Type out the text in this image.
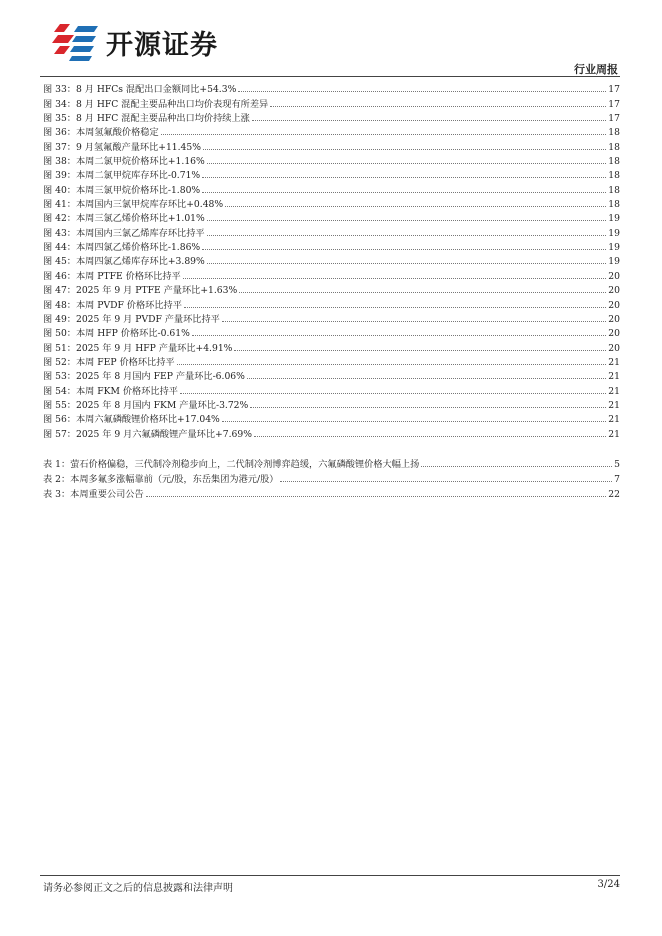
开源证券
行业周报
图 33：8 月 HFCs 混配出口金额同比+54.3%	17
图 34：8 月 HFC 混配主要品种出口均价表现有所差异	17
图 35：8 月 HFC 混配主要品种出口均价持续上涨	17
图 36：本周氢氟酸价格稳定	18
图 37：9 月氢氟酸产量环比+11.45%	18
图 38：本周二氯甲烷价格环比+1.16%	18
图 39：本周二氯甲烷库存环比-0.71%	18
图 40：本周三氯甲烷价格环比-1.80%	18
图 41：本周国内三氯甲烷库存环比+0.48%	18
图 42：本周三氯乙烯价格环比+1.01%	19
图 43：本周国内三氯乙烯库存环比持平	19
图 44：本周四氯乙烯价格环比-1.86%	19
图 45：本周四氯乙烯库存环比+3.89%	19
图 46：本周 PTFE 价格环比持平	20
图 47：2025 年 9 月 PTFE 产量环比+1.63%	20
图 48：本周 PVDF 价格环比持平	20
图 49：2025 年 9 月 PVDF 产量环比持平	20
图 50：本周 HFP 价格环比-0.61%	20
图 51：2025 年 9 月 HFP 产量环比+4.91%	20
图 52：本周 FEP 价格环比持平	21
图 53：2025 年 8 月国内 FEP 产量环比-6.06%	21
图 54：本周 FKM 价格环比持平	21
图 55：2025 年 8 月国内 FKM 产量环比-3.72%	21
图 56：本周六氟磷酸锂价格环比+17.04%	21
图 57：2025 年 9 月六氟磷酸锂产量环比+7.69%	21
表 1：萤石价格偏稳，三代制冷剂稳步向上，二代制冷剂博弈趋缓，六氟磷酸锂价格大幅上扬	5
表 2：本周多氟多涨幅靠前（元/股，东岳集团为港元/股）	7
表 3：本周重要公司公告	22
请务必参阅正文之后的信息披露和法律声明	3/24
